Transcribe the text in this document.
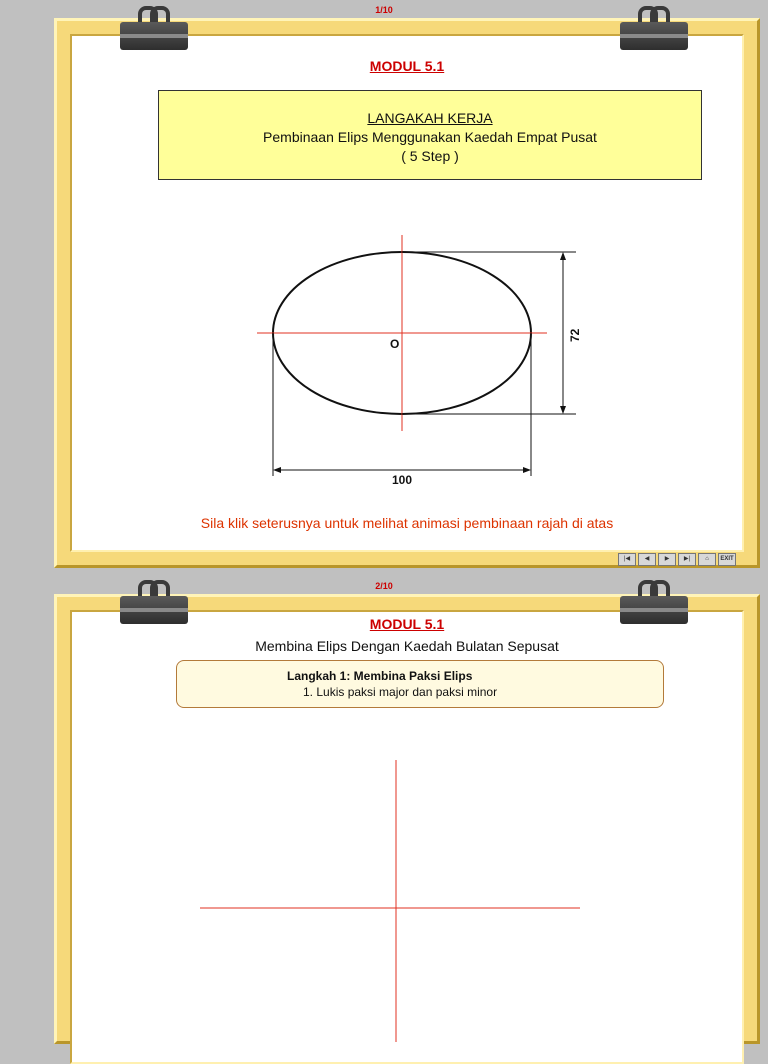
1/10
MODUL 5.1
LANGAKAH KERJA
Pembinaan Elips Menggunakan Kaedah Empat Pusat
( 5 Step )
O
100
72
Sila klik seterusnya untuk melihat animasi pembinaan rajah di atas
|◀	◀	▶	▶|	⌂	EXIT
2/10
MODUL 5.1
Membina Elips Dengan Kaedah Bulatan Sepusat
Langkah 1: Membina Paksi Elips
1. Lukis paksi major dan paksi minor
